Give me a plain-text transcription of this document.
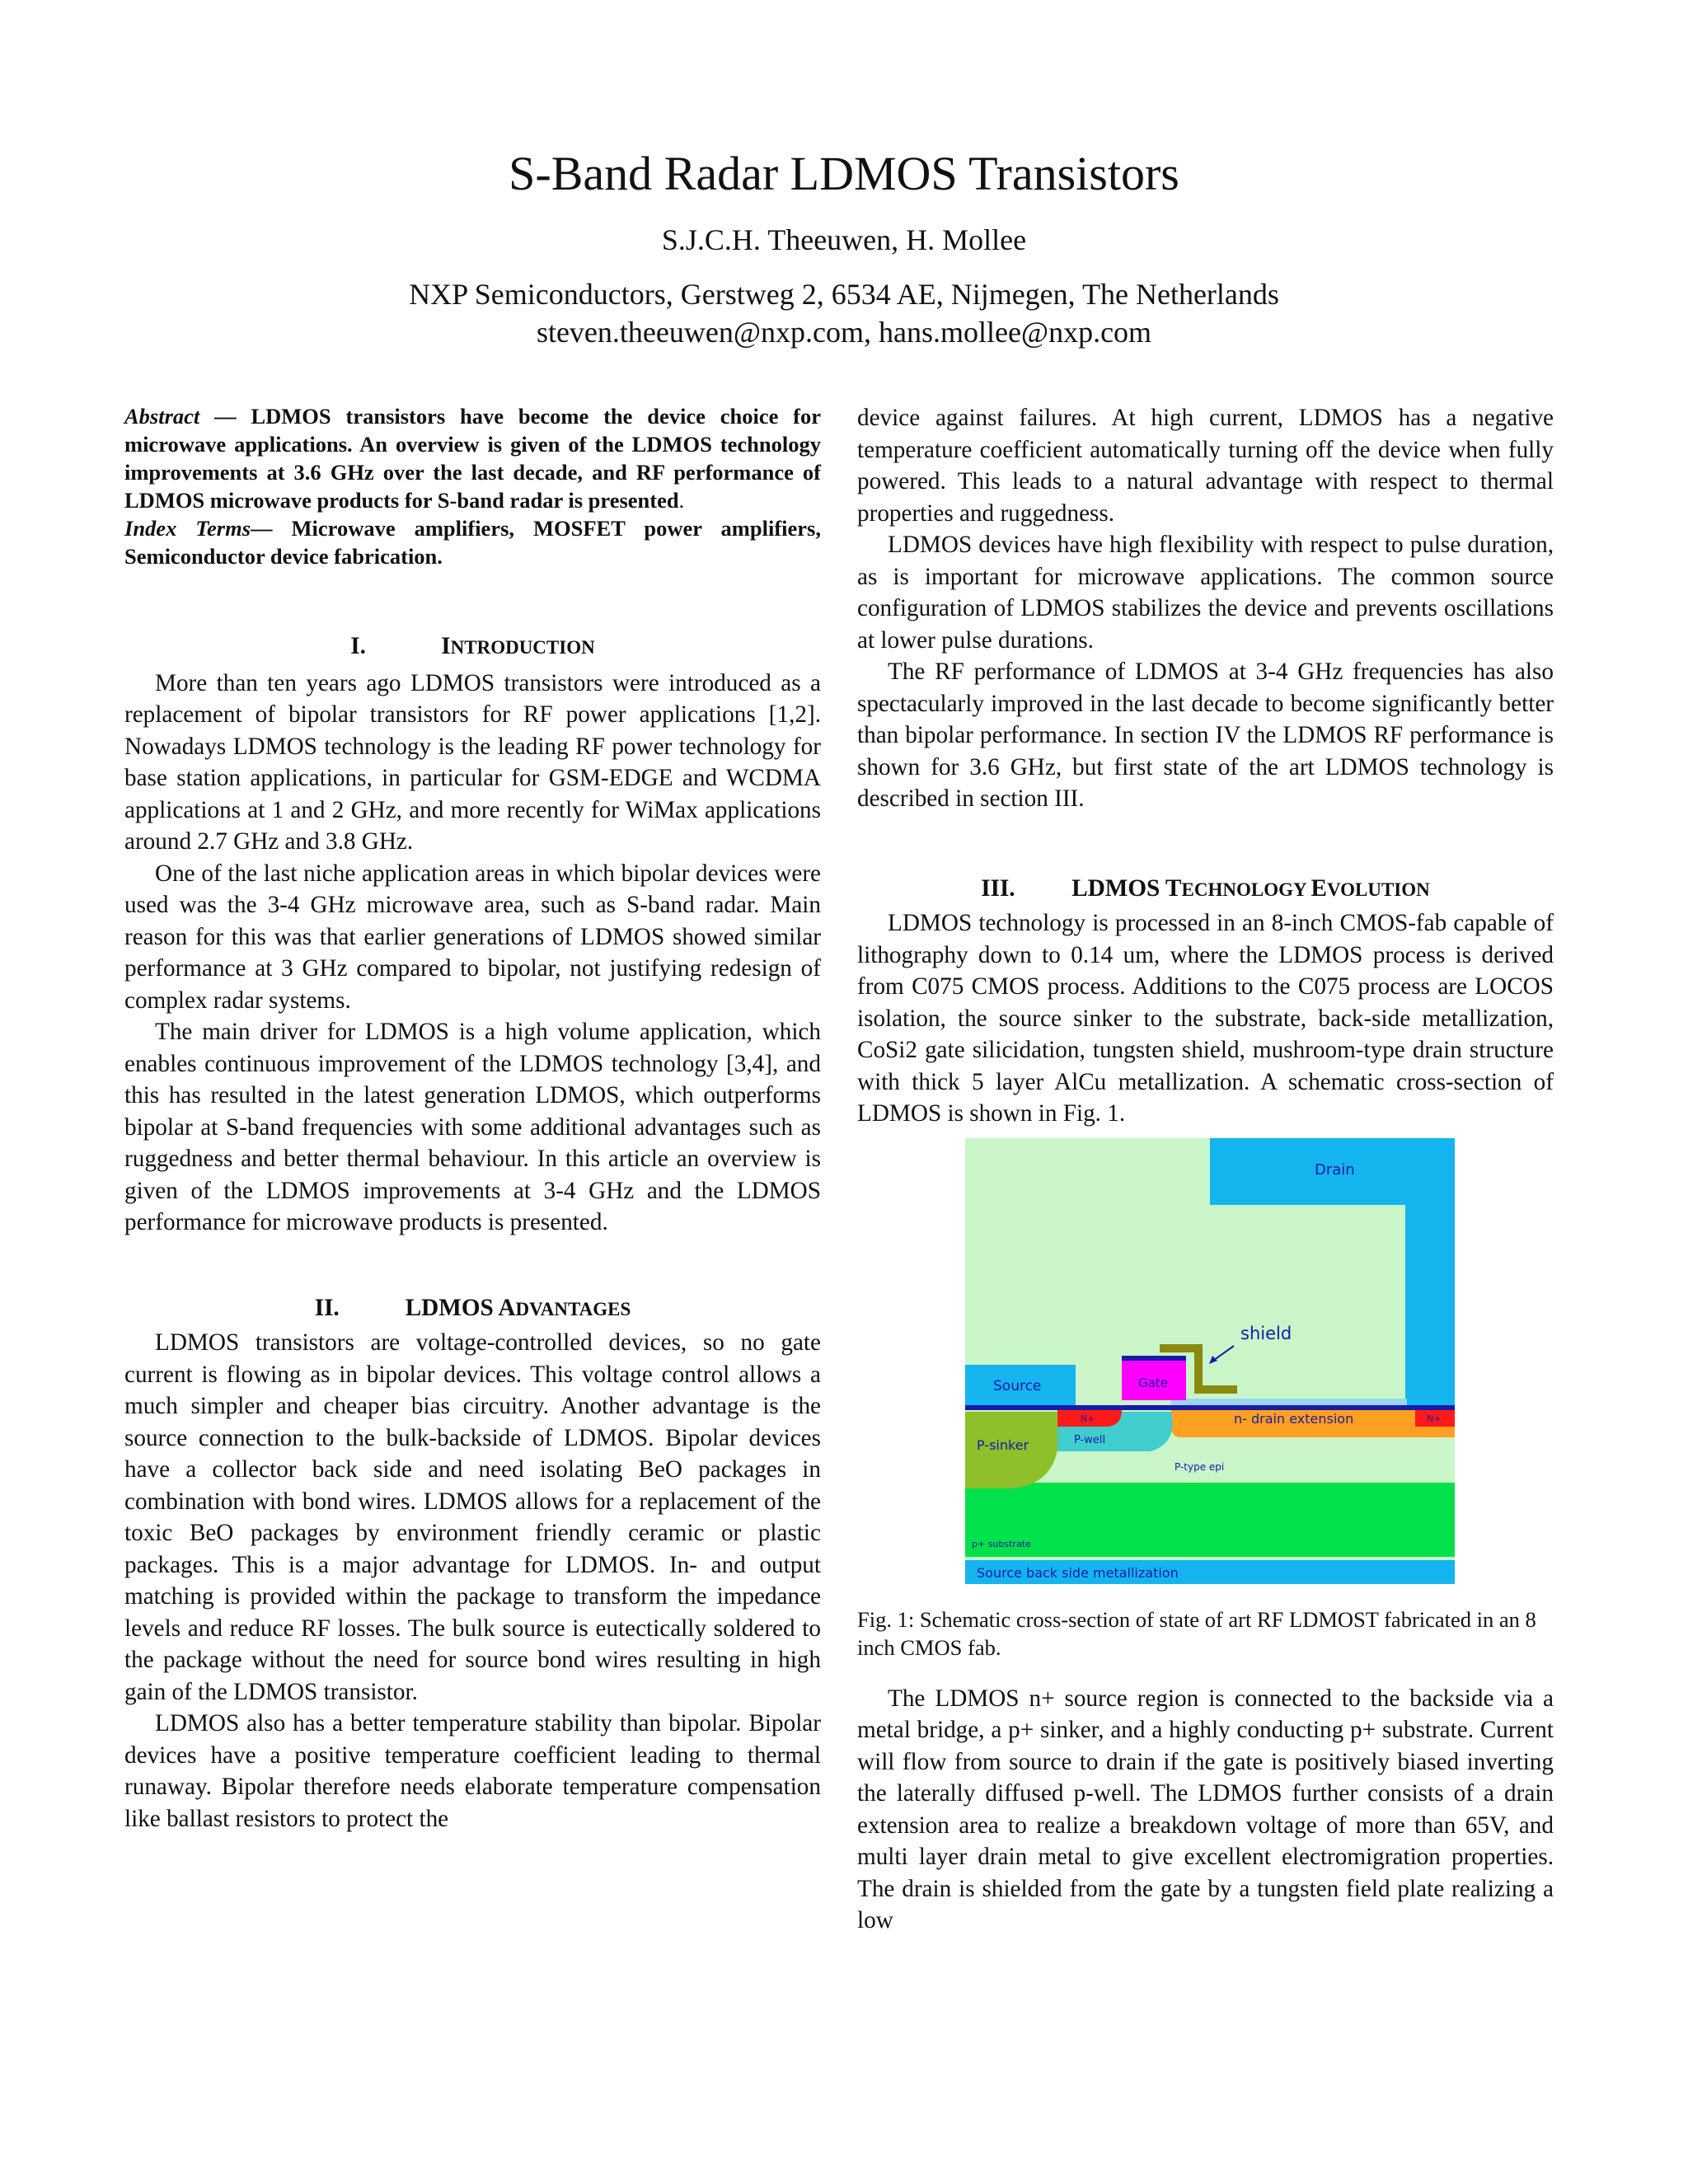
S-Band Radar LDMOS Transistors
S.J.C.H. Theeuwen, H. Mollee
NXP Semiconductors, Gerstweg 2, 6534 AE, Nijmegen, The Netherlands
steven.theeuwen@nxp.com, hans.mollee@nxp.com

Abstract — LDMOS transistors have become the device choice for microwave applications. An overview is given of the LDMOS technology improvements at 3.6 GHz over the last decade, and RF performance of LDMOS microwave products for S-band radar is presented.

Index Terms— Microwave amplifiers, MOSFET power amplifiers, Semiconductor device fabrication.

I.	INTRODUCTION

More than ten years ago LDMOS transistors were introduced as a replacement of bipolar transistors for RF power applications [1,2]. Nowadays LDMOS technology is the leading RF power technology for base station applications, in particular for GSM-EDGE and WCDMA applications at 1 and 2 GHz, and more recently for WiMax applications around 2.7 GHz and 3.8 GHz.

One of the last niche application areas in which bipolar devices were used was the 3-4 GHz microwave area, such as S-band radar. Main reason for this was that earlier generations of LDMOS showed similar performance at 3 GHz compared to bipolar, not justifying redesign of complex radar systems.

The main driver for LDMOS is a high volume application, which enables continuous improvement of the LDMOS technology [3,4], and this has resulted in the latest generation LDMOS, which outperforms bipolar at S-band frequencies with some additional advantages such as ruggedness and better thermal behaviour. In this article an overview is given of the LDMOS improvements at 3-4 GHz and the LDMOS performance for microwave products is presented.

II.	LDMOS ADVANTAGES

LDMOS transistors are voltage-controlled devices, so no gate current is flowing as in bipolar devices. This voltage control allows a much simpler and cheaper bias circuitry. Another advantage is the source connection to the bulk-backside of LDMOS. Bipolar devices have a collector back side and need isolating BeO packages in combination with bond wires. LDMOS allows for a replacement of the toxic BeO packages by environment friendly ceramic or plastic packages. This is a major advantage for LDMOS. In- and output matching is provided within the package to transform the impedance levels and reduce RF losses. The bulk source is eutectically soldered to the package without the need for source bond wires resulting in high gain of the LDMOS transistor.

LDMOS also has a better temperature stability than bipolar. Bipolar devices have a positive temperature coefficient leading to thermal runaway. Bipolar therefore needs elaborate temperature compensation like ballast resistors to protect the

device against failures. At high current, LDMOS has a negative temperature coefficient automatically turning off the device when fully powered. This leads to a natural advantage with respect to thermal properties and ruggedness.

LDMOS devices have high flexibility with respect to pulse duration, as is important for microwave applications. The common source configuration of LDMOS stabilizes the device and prevents oscillations at lower pulse durations.

The RF performance of LDMOS at 3-4 GHz frequencies has also spectacularly improved in the last decade to become significantly better than bipolar performance. In section IV the LDMOS RF performance is shown for 3.6 GHz, but first state of the art LDMOS technology is described in section III.

III. LDMOS TECHNOLOGY EVOLUTION

LDMOS technology is processed in an 8-inch CMOS-fab capable of lithography down to 0.14 um, where the LDMOS process is derived from C075 CMOS process. Additions to the C075 process are LOCOS isolation, the source sinker to the substrate, back-side metallization, CoSi2 gate silicidation, tungsten shield, mushroom-type drain structure with thick 5 layer AlCu metallization. A schematic cross-section of LDMOS is shown in Fig. 1.

Drain
shield
Source	Gate
N+	N+
n- drain extension
P-sinker	P-well
P-type epi
p+ substrate
Source back side metallization
Fig. 1: Schematic cross-section of state of art RF LDMOST fabricated in an 8 inch CMOS fab.

The LDMOS n+ source region is connected to the backside via a metal bridge, a p+ sinker, and a highly conducting p+ substrate. Current will flow from source to drain if the gate is positively biased inverting the laterally diffused p-well. The LDMOS further consists of a drain extension area to realize a breakdown voltage of more than 65V, and multi layer drain metal to give excellent electromigration properties. The drain is shielded from the gate by a tungsten field plate realizing a low
